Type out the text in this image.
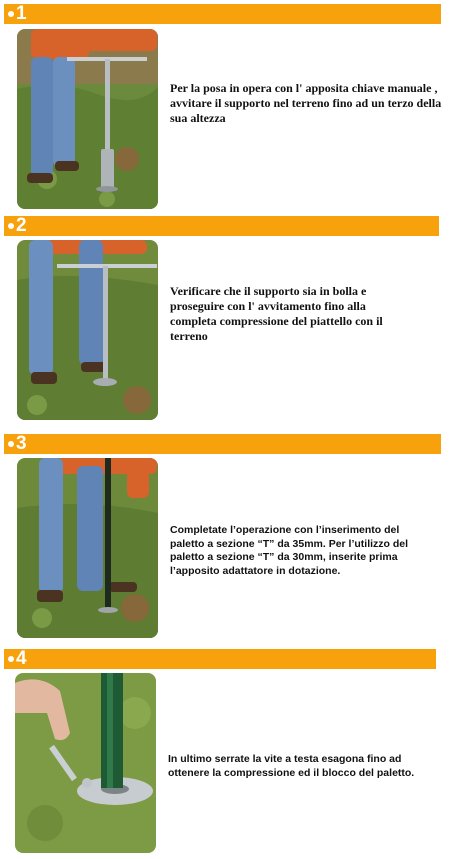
1
Per la posa in opera con l' apposita chiave manuale , avvitare il supporto nel terreno fino ad un terzo della sua altezza
2
Verificare che il supporto sia in bolla e proseguire con l' avvitamento fino alla completa compressione del piattello con il terreno
3
Completate l’operazione con l’inserimento del paletto a sezione “T” da 35mm. Per l’utilizzo del paletto a sezione “T” da 30mm, inserite prima l’apposito adattatore in dotazione.
4
In ultimo serrate la vite a testa esagona fino ad ottenere la compressione ed il blocco del paletto.
